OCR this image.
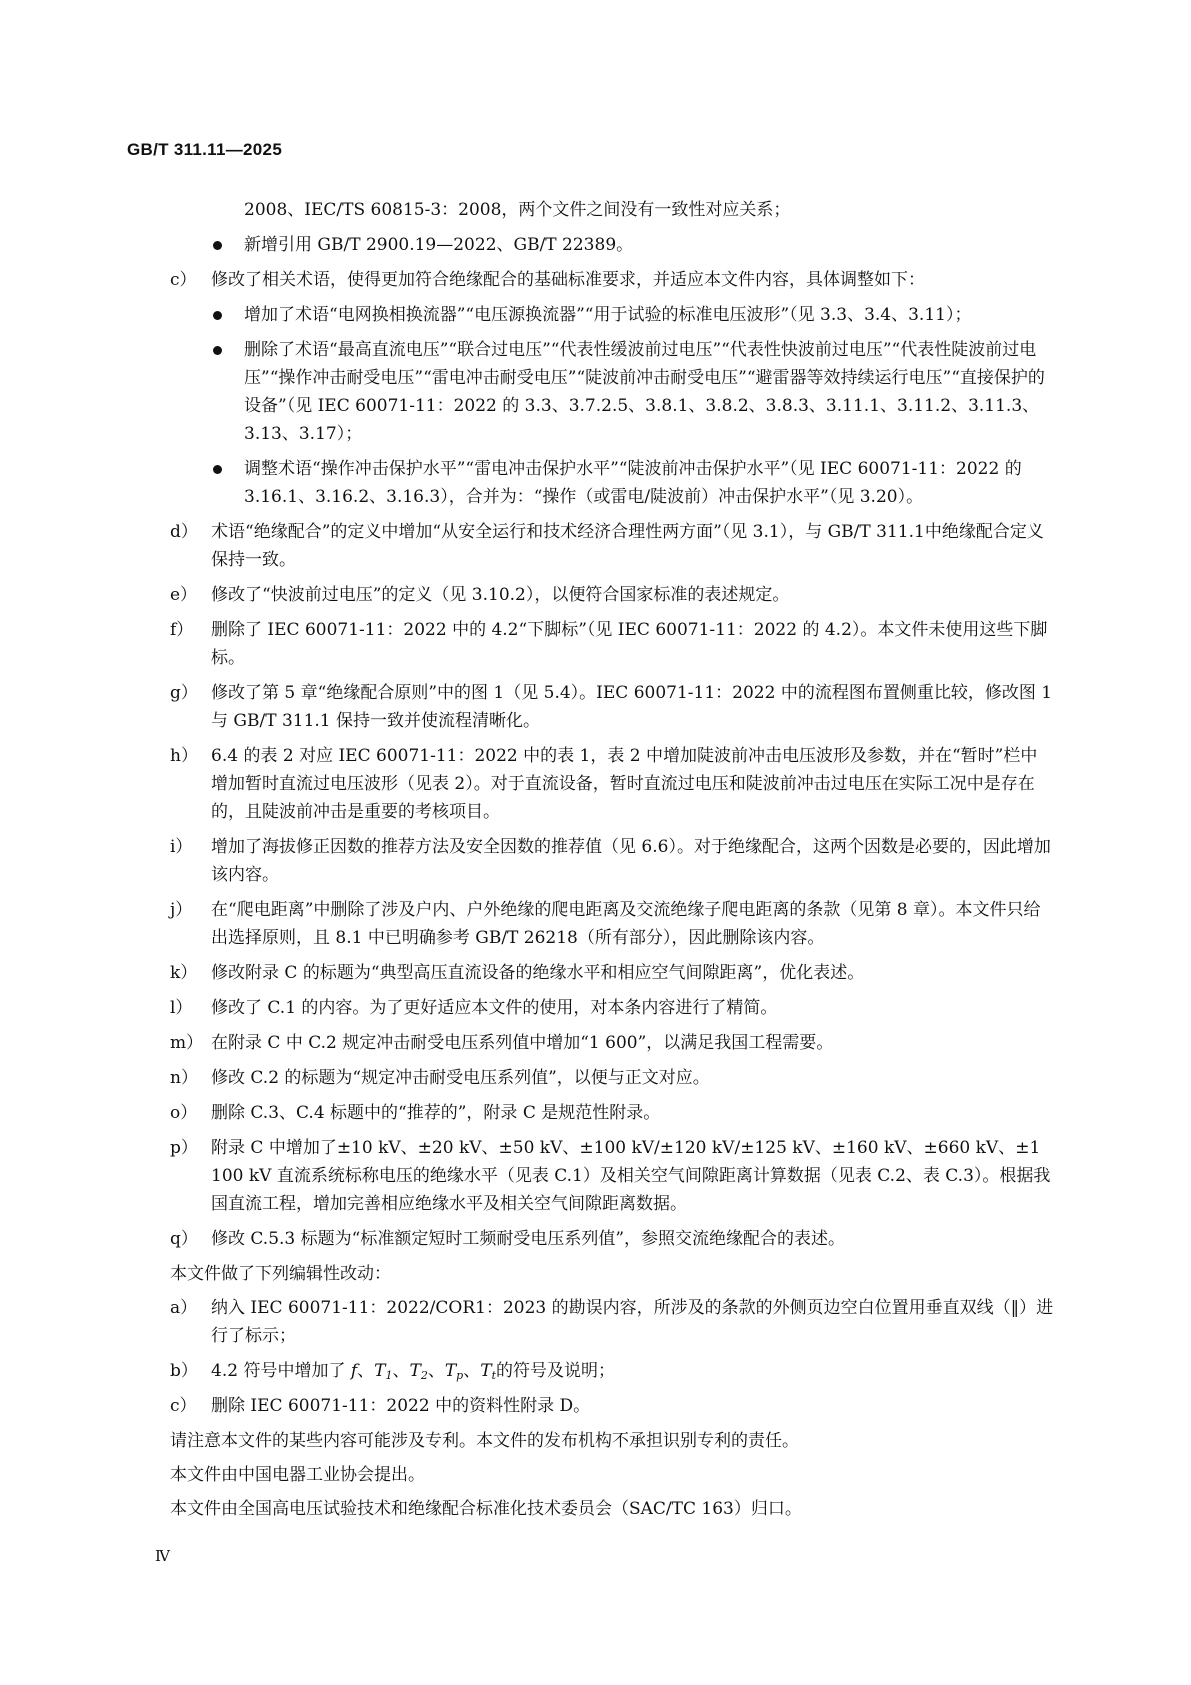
GB/T 311.11—2025
2008、IEC/TS 60815-3：2008，两个文件之间没有一致性对应关系；
新增引用 GB/T 2900.19—2022、GB/T 22389。
c） 修改了相关术语，使得更加符合绝缘配合的基础标准要求，并适应本文件内容，具体调整如下：
增加了术语“电网换相换流器”“电压源换流器”“用于试验的标准电压波形”（见 3.3、3.4、3.11）；
删除了术语“最高直流电压”“联合过电压”“代表性缓波前过电压”“代表性快波前过电压”“代表性陡波前过电压”“操作冲击耐受电压”“雷电冲击耐受电压”“陡波前冲击耐受电压”“避雷器等效持续运行电压”“直接保护的设备”（见 IEC 60071-11：2022 的 3.3、3.7.2.5、3.8.1、3.8.2、3.8.3、3.11.1、3.11.2、3.11.3、3.13、3.17）；
调整术语“操作冲击保护水平”“雷电冲击保护水平”“陡波前冲击保护水平”（见 IEC 60071-11：2022 的 3.16.1、3.16.2、3.16.3），合并为：“操作（或雷电/陡波前）冲击保护水平”（见 3.20）。
d） 术语“绝缘配合”的定义中增加“从安全运行和技术经济合理性两方面”（见 3.1），与 GB/T 311.1中绝缘配合定义保持一致。
e） 修改了“快波前过电压”的定义（见 3.10.2），以便符合国家标准的表述规定。
f） 删除了 IEC 60071-11：2022 中的 4.2“下脚标”（见 IEC 60071-11：2022 的 4.2）。本文件未使用这些下脚标。
g） 修改了第 5 章“绝缘配合原则”中的图 1（见 5.4）。IEC 60071-11：2022 中的流程图布置侧重比较，修改图 1 与 GB/T 311.1 保持一致并使流程清晰化。
h） 6.4 的表 2 对应 IEC 60071-11：2022 中的表 1，表 2 中增加陡波前冲击电压波形及参数，并在“暂时”栏中增加暂时直流过电压波形（见表 2）。对于直流设备，暂时直流过电压和陡波前冲击过电压在实际工况中是存在的，且陡波前冲击是重要的考核项目。
i） 增加了海拔修正因数的推荐方法及安全因数的推荐值（见 6.6）。对于绝缘配合，这两个因数是必要的，因此增加该内容。
j） 在“爬电距离”中删除了涉及户内、户外绝缘的爬电距离及交流绝缘子爬电距离的条款（见第 8 章）。本文件只给出选择原则，且 8.1 中已明确参考 GB/T 26218（所有部分），因此删除该内容。
k） 修改附录 C 的标题为“典型高压直流设备的绝缘水平和相应空气间隙距离”，优化表述。
l） 修改了 C.1 的内容。为了更好适应本文件的使用，对本条内容进行了精简。
m） 在附录 C 中 C.2 规定冲击耐受电压系列值中增加“1 600”，以满足我国工程需要。
n） 修改 C.2 的标题为“规定冲击耐受电压系列值”，以便与正文对应。
o） 删除 C.3、C.4 标题中的“推荐的”，附录 C 是规范性附录。
p） 附录 C 中增加了±10 kV、±20 kV、±50 kV、±100 kV/±120 kV/±125 kV、±160 kV、±660 kV、±1 100 kV 直流系统标称电压的绝缘水平（见表 C.1）及相关空气间隙距离计算数据（见表 C.2、表 C.3）。根据我国直流工程，增加完善相应绝缘水平及相关空气间隙距离数据。
q） 修改 C.5.3 标题为“标准额定短时工频耐受电压系列值”，参照交流绝缘配合的表述。
本文件做了下列编辑性改动：
a） 纳入 IEC 60071-11：2022/COR1：2023 的勘误内容，所涉及的条款的外侧页边空白位置用垂直双线（‖）进行了标示；
b） 4.2 符号中增加了 f、$T_1$、$T_2$、$T_p$、$T_t$的符号及说明；
c） 删除 IEC 60071-11：2022 中的资料性附录 D。
请注意本文件的某些内容可能涉及专利。本文件的发布机构不承担识别专利的责任。
本文件由中国电器工业协会提出。
本文件由全国高电压试验技术和绝缘配合标准化技术委员会（SAC/TC 163）归口。
Ⅳ
